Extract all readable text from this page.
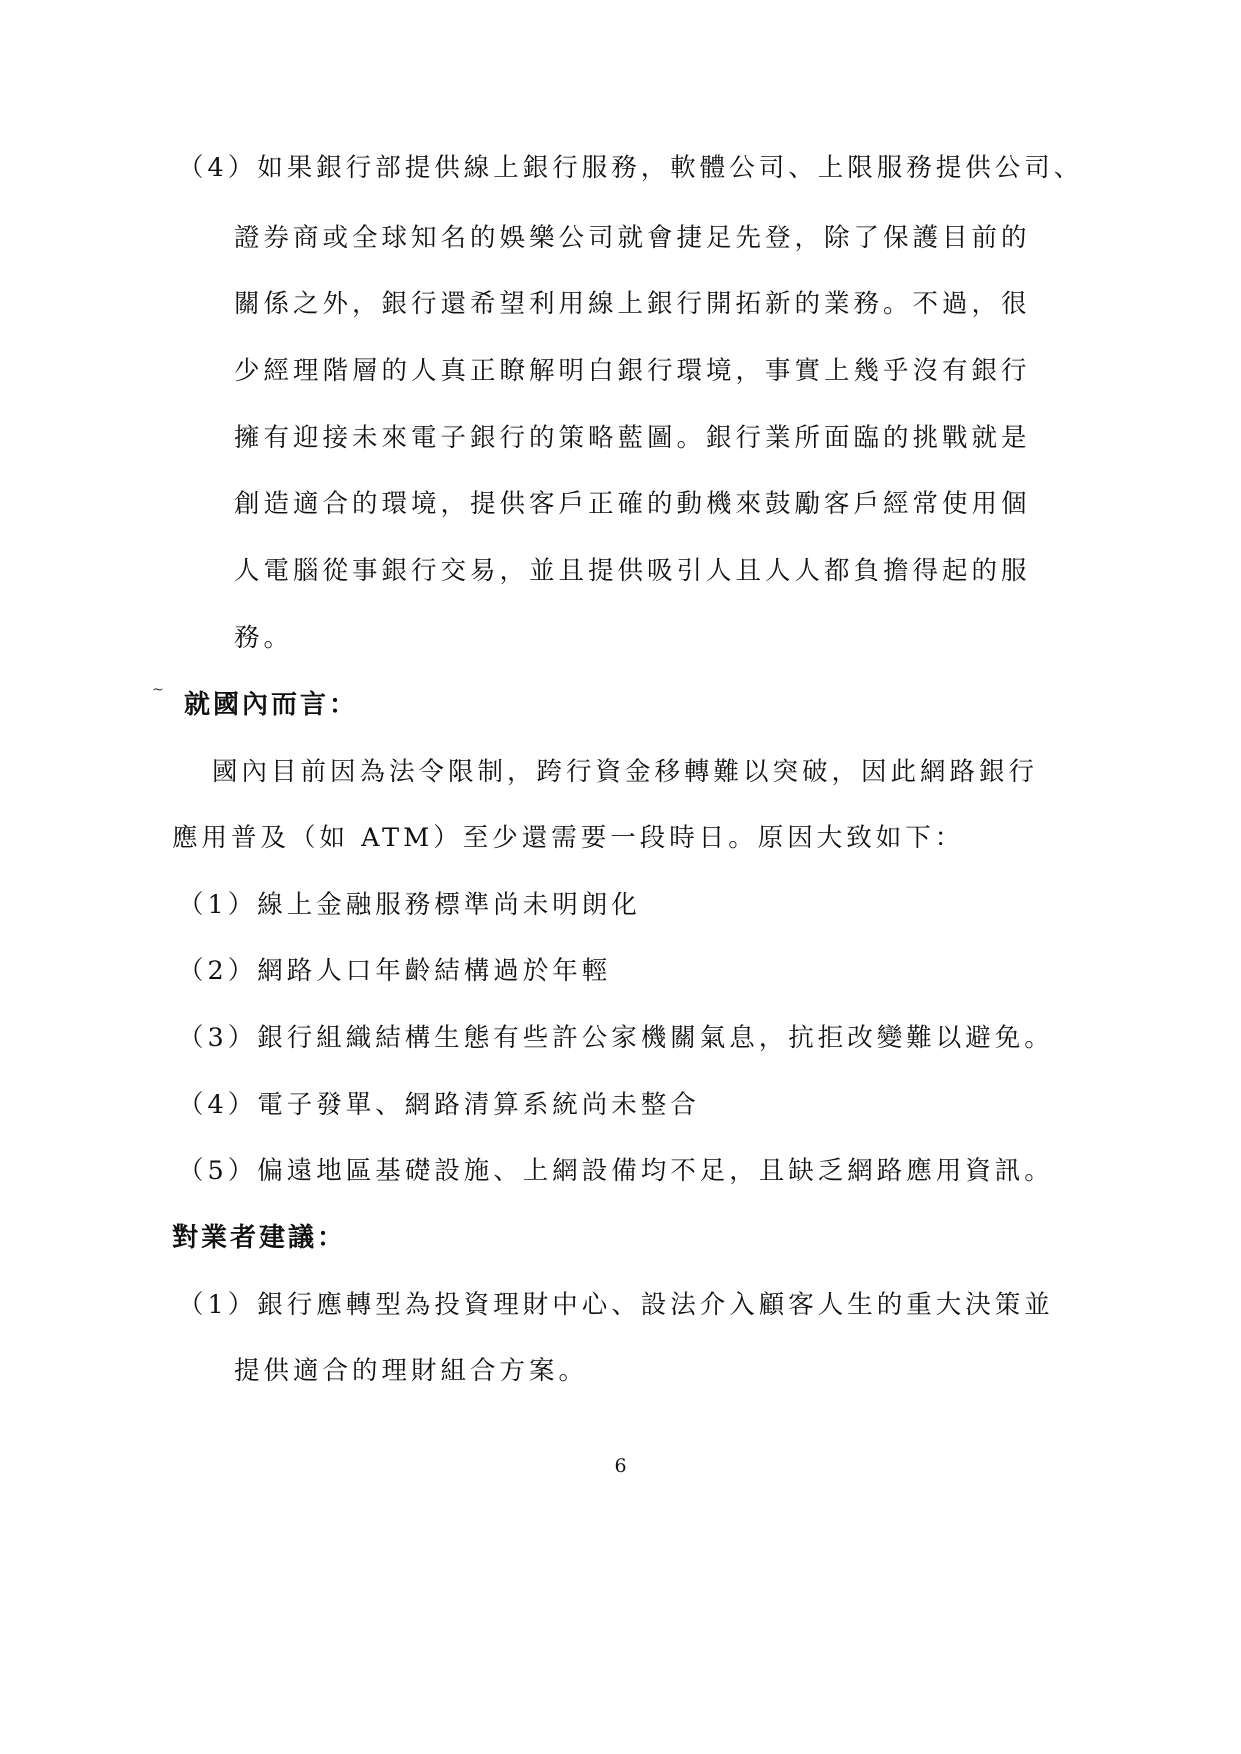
（4）如果銀行部提供線上銀行服務，軟體公司、上限服務提供公司、
證券商或全球知名的娛樂公司就會捷足先登，除了保護目前的
關係之外，銀行還希望利用線上銀行開拓新的業務。不過，很
少經理階層的人真正瞭解明白銀行環境，事實上幾乎沒有銀行
擁有迎接未來電子銀行的策略藍圖。銀行業所面臨的挑戰就是
創造適合的環境，提供客戶正確的動機來鼓勵客戶經常使用個
人電腦從事銀行交易，並且提供吸引人且人人都負擔得起的服
務。
~ 就國內而言：
國內目前因為法令限制，跨行資金移轉難以突破，因此網路銀行
應用普及（如 ATM）至少還需要一段時日。原因大致如下：
（1）線上金融服務標準尚未明朗化
（2）網路人口年齡結構過於年輕
（3）銀行組織結構生態有些許公家機關氣息，抗拒改變難以避免。
（4）電子發單、網路清算系統尚未整合
（5）偏遠地區基礎設施、上網設備均不足，且缺乏網路應用資訊。
對業者建議：
（1）銀行應轉型為投資理財中心、設法介入顧客人生的重大決策並
提供適合的理財組合方案。
6
